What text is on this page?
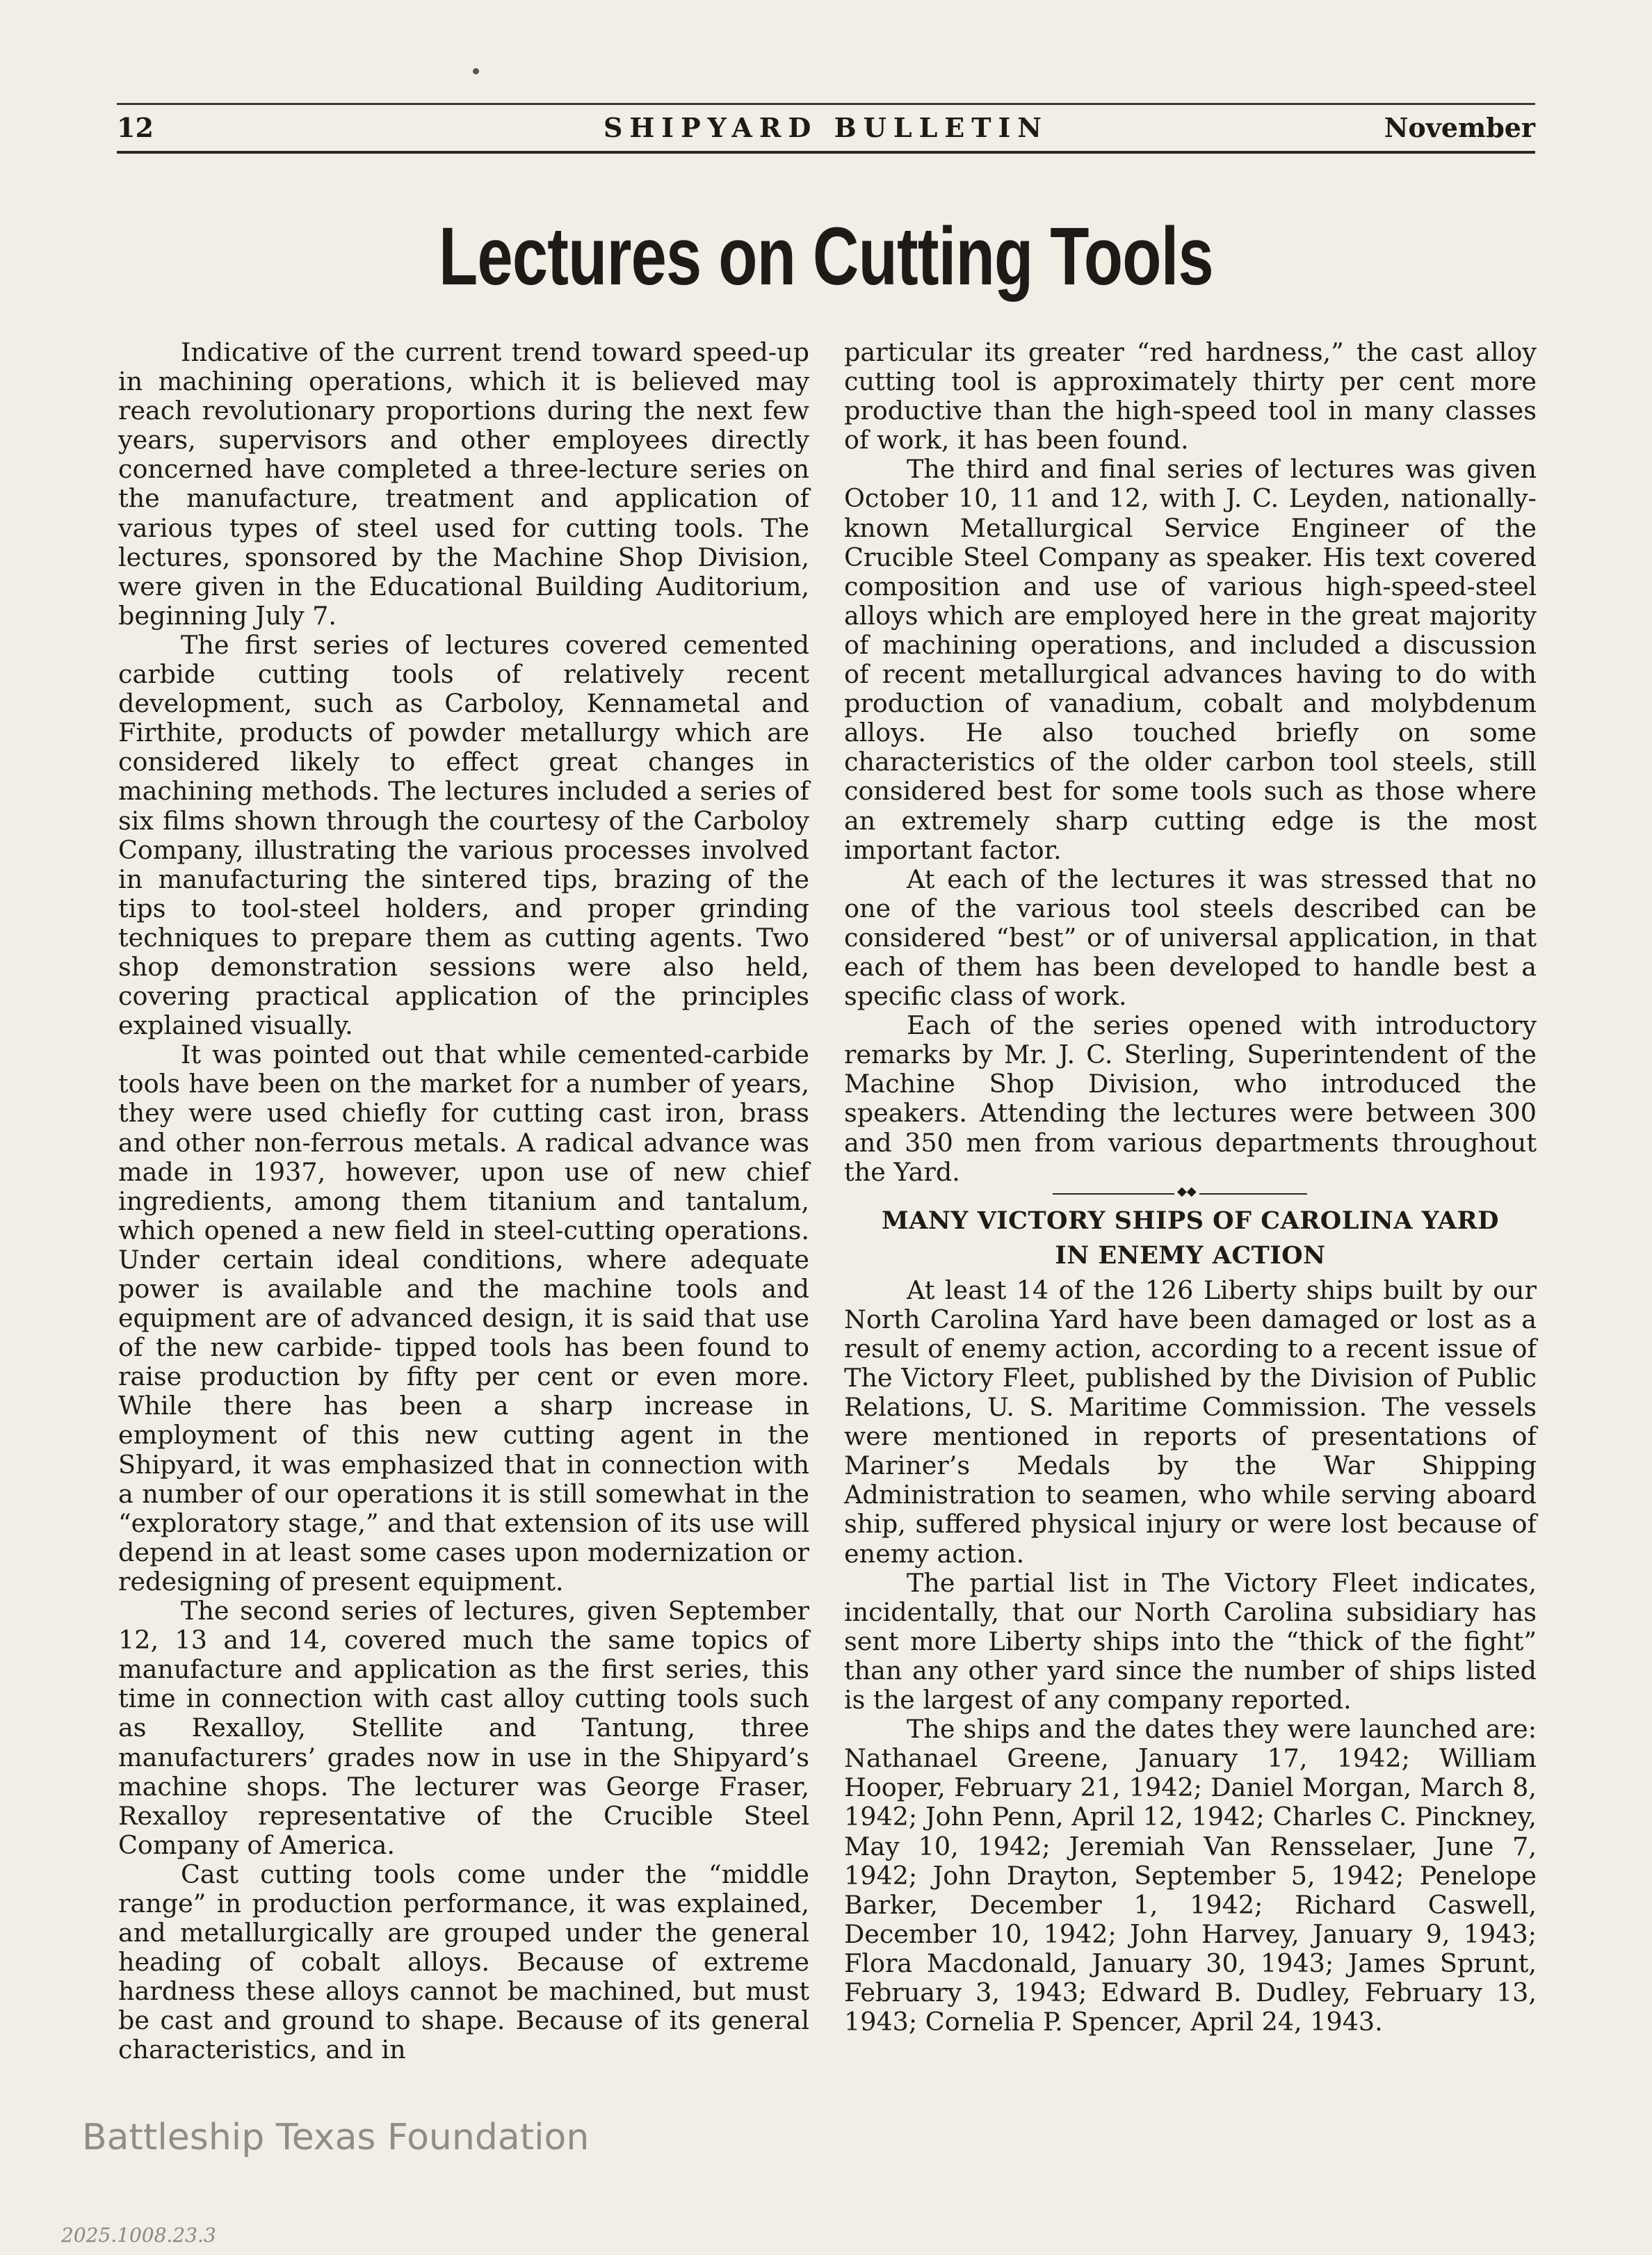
SHIPYARD BULLETIN
12	November
Lectures on Cutting Tools

Indicative of the current trend toward speed-up in machining operations, which it is believed may reach revolutionary proportions during the next few years, supervisors and other employees directly concerned have completed a three-lecture series on the manufacture, treatment and application of various types of steel used for cutting tools. The lectures, sponsored by the Machine Shop Division, were given in the Educational Building Auditorium, beginning July 7.

The first series of lectures covered cemented carbide cutting tools of relatively recent development, such as Carboloy, Kennametal and Firthite, products of powder metallurgy which are considered likely to effect great changes in machining methods. The lectures included a series of six films shown through the courtesy of the Carboloy Company, illustrating the various processes involved in manufacturing the sintered tips, brazing of the tips to tool-steel holders, and proper grinding techniques to prepare them as cutting agents. Two shop demonstration sessions were also held, covering practical application of the principles explained visually.

It was pointed out that while cemented-carbide tools have been on the market for a number of years, they were used chiefly for cutting cast iron, brass and other non-ferrous metals. A radical advance was made in 1937, however, upon use of new chief ingredients, among them titanium and tantalum, which opened a new field in steel-cutting operations. Under certain ideal conditions, where adequate power is available and the machine tools and equipment are of advanced design, it is said that use of the new carbide- tipped tools has been found to raise production by fifty per cent or even more. While there has been a sharp increase in employment of this new cutting agent in the Shipyard, it was emphasized that in connection with a number of our operations it is still somewhat in the “exploratory stage,” and that extension of its use will depend in at least some cases upon modernization or redesigning of present equipment.

The second series of lectures, given September 12, 13 and 14, covered much the same topics of manufacture and application as the first series, this time in connection with cast alloy cutting tools such as Rexalloy, Stellite and Tantung, three manufacturers’ grades now in use in the Shipyard’s machine shops. The lecturer was George Fraser, Rexalloy representative of the Crucible Steel Company of America.

Cast cutting tools come under the “middle range” in production performance, it was explained, and metallurgically are grouped under the general heading of cobalt alloys. Because of extreme hardness these alloys cannot be machined, but must be cast and ground to shape. Because of its general characteristics, and in

particular its greater “red hardness,” the cast alloy cutting tool is approximately thirty per cent more productive than the high-speed tool in many classes of work, it has been found.

The third and final series of lectures was given October 10, 11 and 12, with J. C. Leyden, nationally-known Metallurgical Service Engineer of the Crucible Steel Company as speaker. His text covered composition and use of various high-speed-steel alloys which are employed here in the great majority of machining operations, and included a discussion of recent metallurgical advances having to do with production of vanadium, cobalt and molybdenum alloys. He also touched briefly on some characteristics of the older carbon tool steels, still considered best for some tools such as those where an extremely sharp cutting edge is the most important factor.

At each of the lectures it was stressed that no one of the various tool steels described can be considered “best” or of universal application, in that each of them has been developed to handle best a specific class of work.

Each of the series opened with introductory remarks by Mr. J. C. Sterling, Superintendent of the Machine Shop Division, who introduced the speakers. Attending the lectures were between 300 and 350 men from various departments throughout the Yard.

◆◆
MANY VICTORY SHIPS OF CAROLINA YARD
IN ENEMY ACTION

At least 14 of the 126 Liberty ships built by our North Carolina Yard have been damaged or lost as a result of enemy action, according to a recent issue of The Victory Fleet, published by the Division of Public Relations, U. S. Maritime Commission. The vessels were mentioned in reports of presentations of Mariner’s Medals by the War Shipping Administration to seamen, who while serving aboard ship, suffered physical injury or were lost because of enemy action.

The partial list in The Victory Fleet indicates, incidentally, that our North Carolina subsidiary has sent more Liberty ships into the “thick of the fight” than any other yard since the number of ships listed is the largest of any company reported.

The ships and the dates they were launched are: Nathanael Greene, January 17, 1942; William Hooper, February 21, 1942; Daniel Morgan, March 8, 1942; John Penn, April 12, 1942; Charles C. Pinckney, May 10, 1942; Jeremiah Van Rensselaer, June 7, 1942; John Drayton, September 5, 1942; Penelope Barker, December 1, 1942; Richard Caswell, December 10, 1942; John Harvey, January 9, 1943; Flora Macdonald, January 30, 1943; James Sprunt, February 3, 1943; Edward B. Dudley, February 13, 1943; Cornelia P. Spencer, April 24, 1943.

Battleship Texas Foundation
2025.1008.23.3
